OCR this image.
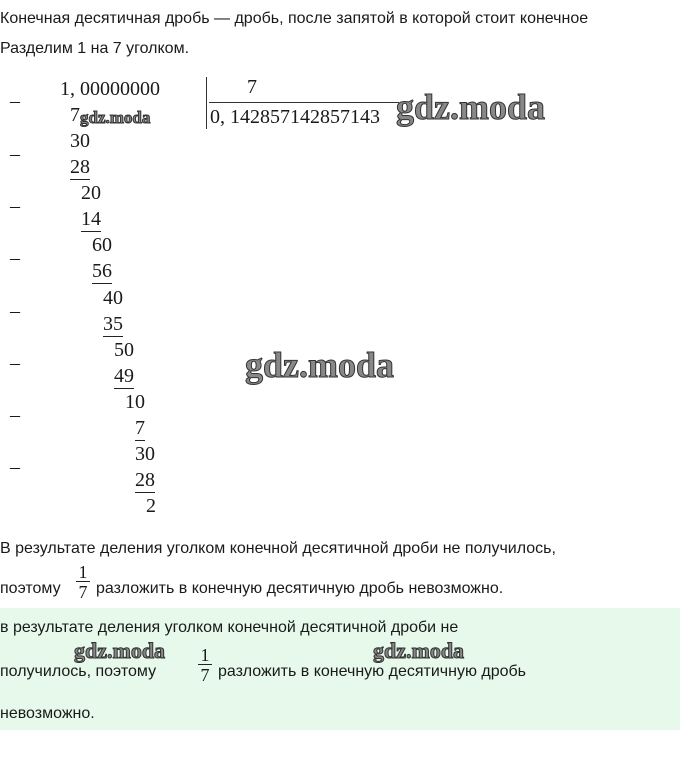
Конечная десятичная дробь — дробь, после запятой в которой стоит конечное
Разделим 1 на 7 уголком.
1, 00000000
7 gdz.moda
7
0, 142857142857143 gdz.moda
–
–
–
–
–
–
–
–
30
28
20
14
60
56
40
35
50
49
10
7
30
28
2
gdz.moda
В результате деления уголком конечной десятичной дроби не получилось,
поэтому $\frac{1}{7}$ разложить в конечную десятичную дробь невозможно.
в результате деления уголком конечной десятичной дроби не
gdz.moda	gdz.moda
получилось, поэтому $\frac{1}{7}$ разложить в конечную десятичную дробь
невозможно.
